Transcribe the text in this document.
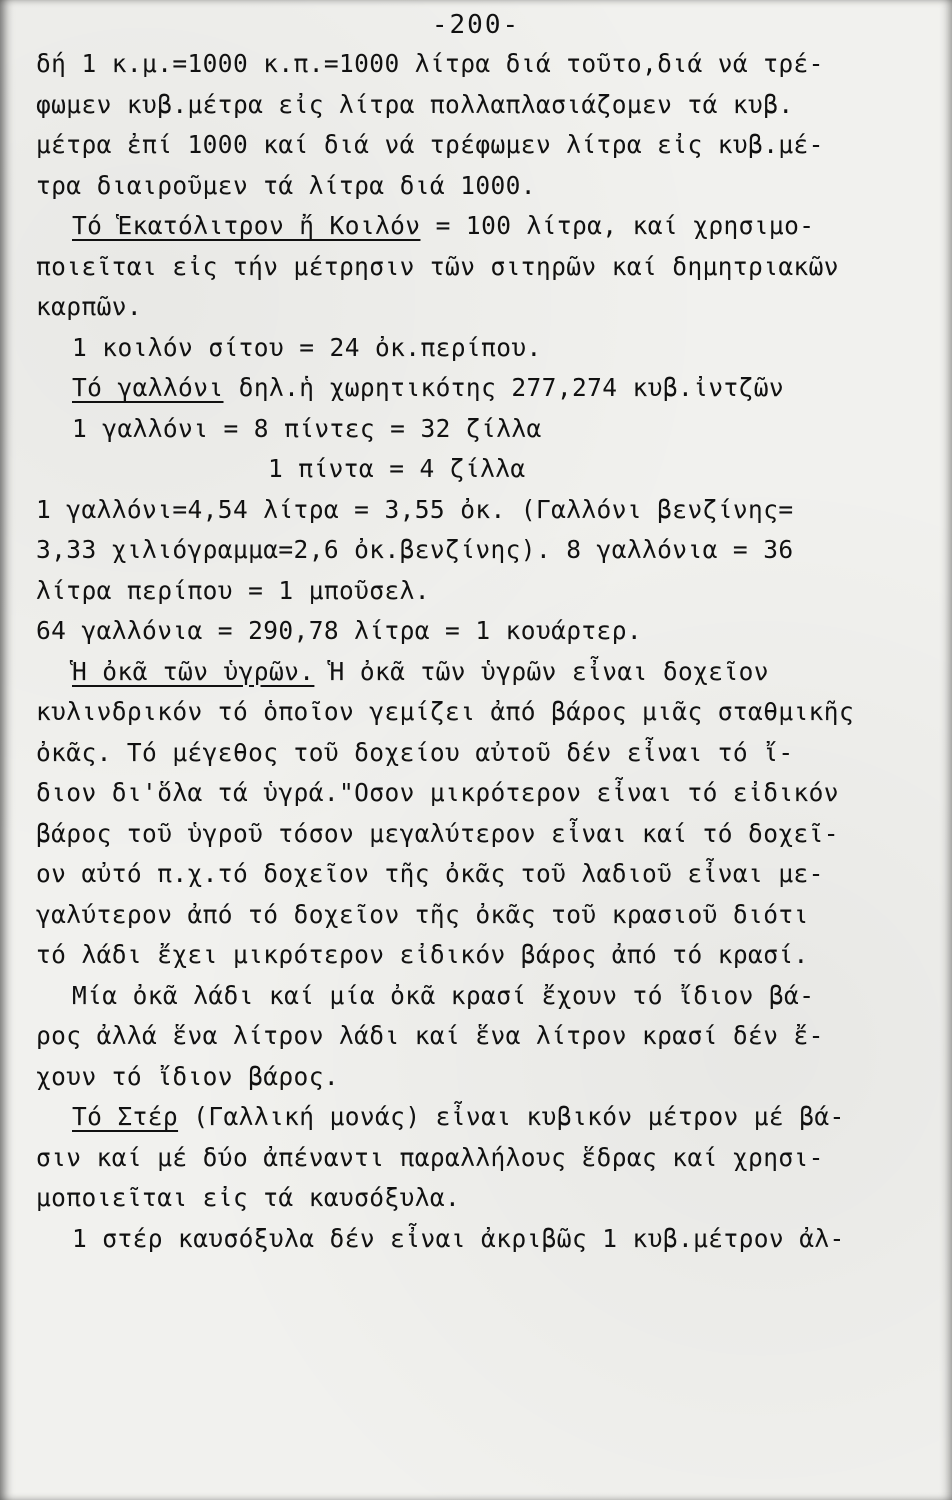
-200-
δή 1 κ.μ.=1000 κ.π.=1000 λίτρα διά τοῦτο,διά νά τρέ-
φωμεν κυβ.μέτρα εἰς λίτρα πολλαπλασιάζομεν τά κυβ.
μέτρα ἐπί 1000 καί διά νά τρέφωμεν λίτρα εἰς κυβ.μέ-
τρα διαιροῦμεν τά λίτρα διά 1000.
Τό Ἑκατόλιτρον ἤ Κοιλόν = 100 λίτρα, καί χρησιμο-
ποιεῖται εἰς τήν μέτρησιν τῶν σιτηρῶν καί δημητριακῶν
καρπῶν.
1 κοιλόν σίτου = 24 ὀκ.περίπου.
Τό γαλλόνι δηλ.ἡ χωρητικότης 277,274 κυβ.ἰντζῶν
1 γαλλόνι = 8 πίντες = 32 ζίλλα
1 πίντα = 4 ζίλλα
1 γαλλόνι=4,54 λίτρα = 3,55 ὀκ. (Γαλλόνι βενζίνης=
3,33 χιλιόγραμμα=2,6 ὀκ.βενζίνης). 8 γαλλόνια = 36
λίτρα περίπου = 1 μποῦσελ.
64 γαλλόνια = 290,78 λίτρα = 1 κουάρτερ.
Ἡ ὀκᾶ τῶν ὑγρῶν. Ἡ ὀκᾶ τῶν ὑγρῶν εἶναι δοχεῖον
κυλινδρικόν τό ὁποῖον γεμίζει ἀπό βάρος μιᾶς σταθμικῆς
ὀκᾶς. Τό μέγεθος τοῦ δοχείου αὐτοῦ δέν εἶναι τό ἴ-
διον δι'ὅλα τά ὑγρά."Οσον μικρότερον εἶναι τό εἰδικόν
βάρος τοῦ ὑγροῦ τόσον μεγαλύτερον εἶναι καί τό δοχεῖ-
ον αὐτό π.χ.τό δοχεῖον τῆς ὀκᾶς τοῦ λαδιοῦ εἶναι με-
γαλύτερον ἀπό τό δοχεῖον τῆς ὀκᾶς τοῦ κρασιοῦ διότι
τό λάδι ἔχει μικρότερον εἰδικόν βάρος ἀπό τό κρασί.
Μία ὀκᾶ λάδι καί μία ὀκᾶ κρασί ἔχουν τό ἴδιον βά-
ρος ἀλλά ἕνα λίτρον λάδι καί ἕνα λίτρον κρασί δέν ἔ-
χουν τό ἴδιον βάρος.
Τό Στέρ (Γαλλική μονάς) εἶναι κυβικόν μέτρον μέ βά-
σιν καί μέ δύο ἀπέναντι παραλλήλους ἕδρας καί χρησι-
μοποιεῖται εἰς τά καυσόξυλα.
1 στέρ καυσόξυλα δέν εἶναι ἀκριβῶς 1 κυβ.μέτρον ἀλ-
